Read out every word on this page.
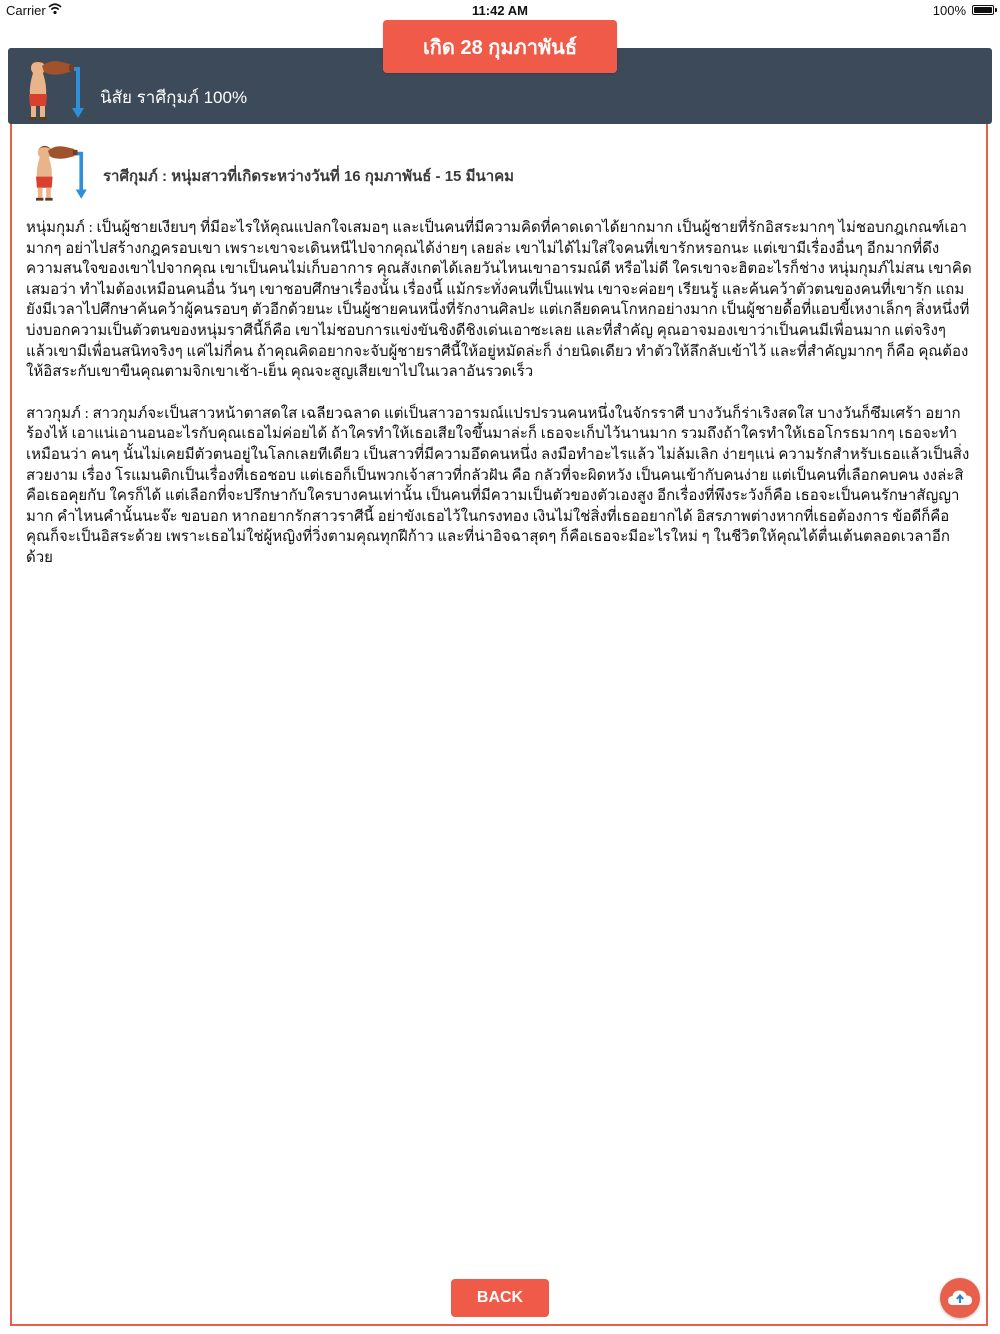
Carrier	11:42 AM	100%
นิสัย ราศีกุมภ์ 100%
เกิด 28 กุมภาพันธ์
ราศีกุมภ์ : หนุ่มสาวที่เกิดระหว่างวันที่ 16 กุมภาพันธ์ - 15 มีนาคม

หนุ่มกุมภ์ : เป็นผู้ชายเงียบๆ ที่มีอะไรให้คุณแปลกใจเสมอๆ และเป็นคนที่มีความคิดที่คาดเดาได้ยากมาก เป็นผู้ชายที่รักอิสระมากๆ ไม่ชอบกฎเกณฑ์เอามากๆ อย่าไปสร้างกฎครอบเขา เพราะเขาจะเดินหนีไปจากคุณได้ง่ายๆ เลยล่ะ เขาไม่ได้ไม่ใส่ใจคนที่เขารักหรอกนะ แต่เขามีเรื่องอื่นๆ อีกมากที่ดึงความสนใจของเขาไปจากคุณ เขาเป็นคนไม่เก็บอาการ คุณสังเกตได้เลยวันไหนเขาอารมณ์ดี หรือไม่ดี ใครเขาจะฮิตอะไรก็ช่าง หนุ่มกุมภ์ไม่สน เขาคิดเสมอว่า ทำไมต้องเหมือนคนอื่น วันๆ เขาชอบศึกษาเรื่องนั้น เรื่องนี้ แม้กระทั่งคนที่เป็นแฟน เขาจะค่อยๆ เรียนรู้ และค้นคว้าตัวตนของคนที่เขารัก แถมยังมีเวลาไปศึกษาค้นคว้าผู้คนรอบๆ ตัวอีกด้วยนะ เป็นผู้ชายคนหนึ่งที่รักงานศิลปะ แต่เกลียดคนโกหกอย่างมาก เป็นผู้ชายดื้อที่แอบขี้เหงาเล็กๆ สิ่งหนึ่งที่บ่งบอกความเป็นตัวตนของหนุ่มราศีนี้ก็คือ เขาไม่ชอบการแข่งขันชิงดีชิงเด่นเอาซะเลย และที่สำคัญ คุณอาจมองเขาว่าเป็นคนมีเพื่อนมาก แต่จริงๆ แล้วเขามีเพื่อนสนิทจริงๆ แค่ไม่กี่คน ถ้าคุณคิดอยากจะจับผู้ชายราศีนี้ให้อยู่หมัดล่ะก็ ง่ายนิดเดียว ทำตัวให้ลึกลับเข้าไว้ และที่สำคัญมากๆ ก็คือ คุณต้องให้อิสระกับเขาขืนคุณตามจิกเขาเช้า-เย็น คุณจะสูญเสียเขาไปในเวลาอันรวดเร็ว

สาวกุมภ์ : สาวกุมภ์จะเป็นสาวหน้าตาสดใส เฉลียวฉลาด แต่เป็นสาวอารมณ์แปรปรวนคนหนึ่งในจักรราศี บางวันก็ร่าเริงสดใส บางวันก็ซึมเศร้า อยากร้องไห้ เอาแน่เอานอนอะไรกับคุณเธอไม่ค่อยได้ ถ้าใครทำให้เธอเสียใจขึ้นมาล่ะก็ เธอจะเก็บไว้นานมาก รวมถึงถ้าใครทำให้เธอโกรธมากๆ เธอจะทำเหมือนว่า คนๆ นั้นไม่เคยมีตัวตนอยู่ในโลกเลยทีเดียว เป็นสาวที่มีความอึดคนหนึ่ง ลงมือทำอะไรแล้ว ไม่ล้มเลิก ง่ายๆแน่ ความรักสำหรับเธอแล้วเป็นสิ่งสวยงาม เรื่อง โรแมนติกเป็นเรื่องที่เธอชอบ แต่เธอก็เป็นพวกเจ้าสาวที่กลัวฝัน คือ กลัวที่จะผิดหวัง เป็นคนเข้ากับคนง่าย แต่เป็นคนที่เลือกคบคน งงล่ะสิ คือเธอคุยกับ ใครก็ได้ แต่เลือกที่จะปรึกษากับใครบางคนเท่านั้น เป็นคนที่มีความเป็นตัวของตัวเองสูง อีกเรื่องที่พึงระวังก็คือ เธอจะเป็นคนรักษาสัญญามาก คำไหนคำนั้นนะจ๊ะ ขอบอก หากอยากรักสาวราศีนี้ อย่าขังเธอไว้ในกรงทอง เงินไม่ใช่สิ่งที่เธออยากได้ อิสรภาพต่างหากที่เธอต้องการ ข้อดีก็คือ คุณก็จะเป็นอิสระด้วย เพราะเธอไม่ใช่ผู้หญิงที่วิ่งตามคุณทุกฝีก้าว และที่น่าอิจฉาสุดๆ ก็คือเธอจะมีอะไรใหม่ ๆ ในชีวิตให้คุณได้ตื่นเต้นตลอดเวลาอีกด้วย

BACK
